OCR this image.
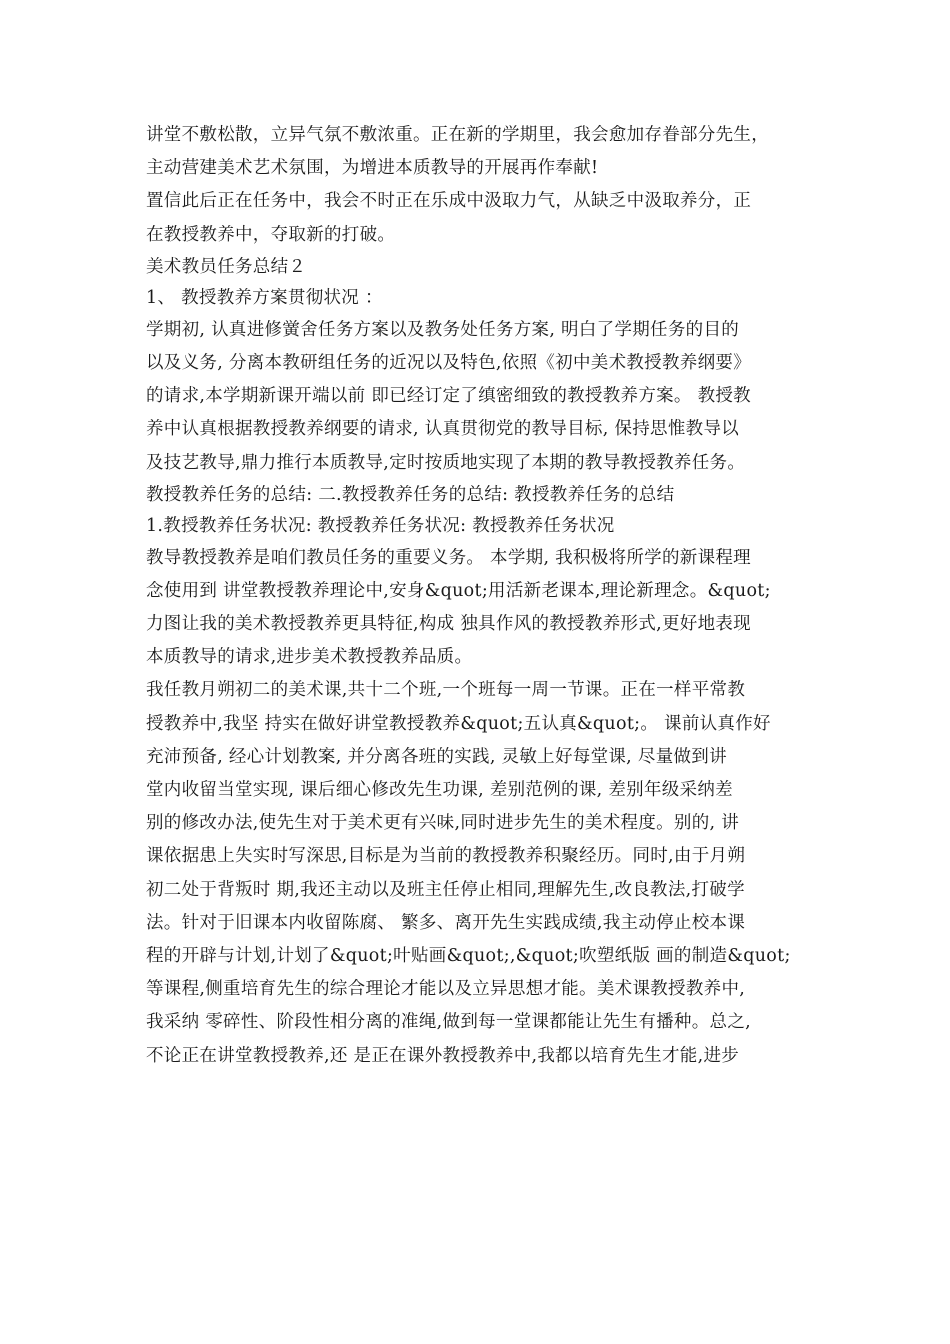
讲堂不敷松散，立异气氛不敷浓重。正在新的学期里，我会愈加存眷部分先生，
主动营建美术艺术氛围，为增进本质教导的开展再作奉献!
置信此后正在任务中，我会不时正在乐成中汲取力气，从缺乏中汲取养分，正
在教授教养中，夺取新的打破。
美术教员任务总结２
1、 教授教养方案贯彻状况 ：
学期初, 认真进修黉舍任务方案以及教务处任务方案, 明白了学期任务的目的
以及义务, 分离本教研组任务的近况以及特色,依照《初中美术教授教养纲要》
的请求,本学期新课开端以前 即已经订定了缜密细致的教授教养方案。 教授教
养中认真根据教授教养纲要的请求, 认真贯彻党的教导目标, 保持思惟教导以
及技艺教导,鼎力推行本质教导,定时按质地实现了本期的教导教授教养任务。
教授教养任务的总结: 二.教授教养任务的总结: 教授教养任务的总结
1.教授教养任务状况: 教授教养任务状况: 教授教养任务状况
教导教授教养是咱们教员任务的重要义务。 本学期, 我积极将所学的新课程理
念使用到 讲堂教授教养理论中,安身&quot;用活新老课本,理论新理念。&quot;
力图让我的美术教授教养更具特征,构成 独具作风的教授教养形式,更好地表现
本质教导的请求,进步美术教授教养品质。
我任教月朔初二的美术课,共十二个班,一个班每一周一节课。正在一样平常教
授教养中,我坚 持实在做好讲堂教授教养&quot;五认真&quot;。 课前认真作好
充沛预备, 经心计划教案, 并分离各班的实践, 灵敏上好每堂课, 尽量做到讲
堂内收留当堂实现, 课后细心修改先生功课, 差别范例的课, 差别年级采纳差
别的修改办法,使先生对于美术更有兴味,同时进步先生的美术程度。别的, 讲
课依据患上失实时写深思,目标是为当前的教授教养积聚经历。同时,由于月朔
初二处于背叛时 期,我还主动以及班主任停止相同,理解先生,改良教法,打破学
法。针对于旧课本内收留陈腐、 繁多、离开先生实践成绩,我主动停止校本课
程的开辟与计划,计划了&quot;叶贴画&quot;,&quot;吹塑纸版 画的制造&quot;
等课程,侧重培育先生的综合理论才能以及立异思想才能。美术课教授教养中,
我采纳 零碎性、阶段性相分离的准绳,做到每一堂课都能让先生有播种。总之,
不论正在讲堂教授教养,还 是正在课外教授教养中,我都以培育先生才能,进步
